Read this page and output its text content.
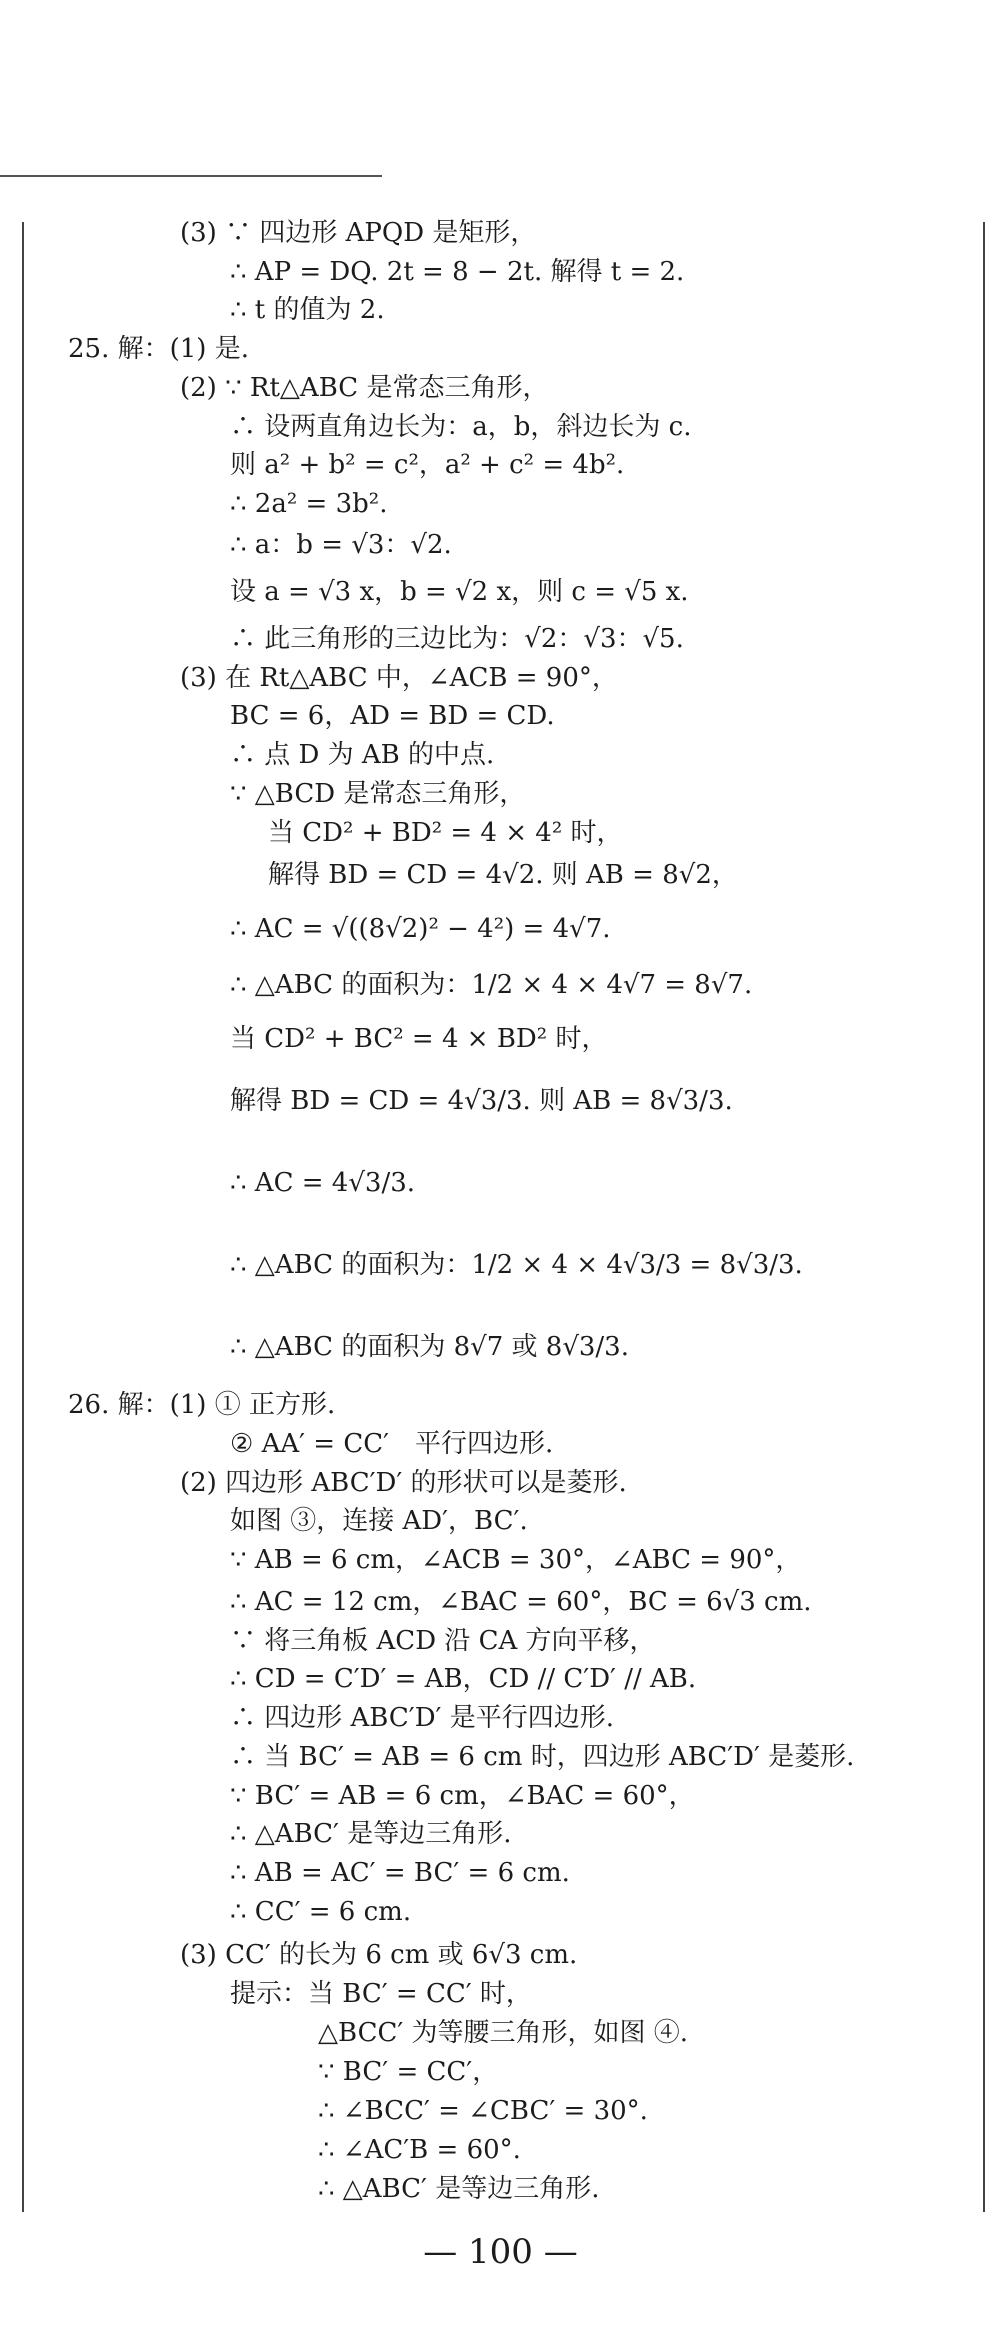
(3) ∵ 四边形 APQD 是矩形，
∴ AP = DQ. 2t = 8 − 2t. 解得 t = 2.
∴ t 的值为 2.
25. 解：(1) 是.
(2) ∵ Rt△ABC 是常态三角形，
∴ 设两直角边长为：a，b，斜边长为 c.
则 a² + b² = c²，a² + c² = 4b².
∴ 2a² = 3b².
∴ a：b = √3：√2.
设 a = √3 x，b = √2 x，则 c = √5 x.
∴ 此三角形的三边比为：√2：√3：√5.
(3) 在 Rt△ABC 中，∠ACB = 90°，
BC = 6，AD = BD = CD.
∴ 点 D 为 AB 的中点.
∵ △BCD 是常态三角形，
当 CD² + BD² = 4 × 4² 时，
解得 BD = CD = 4√2. 则 AB = 8√2，
∴ AC = √((8√2)² − 4²) = 4√7.
∴ △ABC 的面积为：1/2 × 4 × 4√7 = 8√7.
当 CD² + BC² = 4 × BD² 时，
解得 BD = CD = 4√3/3. 则 AB = 8√3/3.
∴ AC = 4√3/3.
∴ △ABC 的面积为：1/2 × 4 × 4√3/3 = 8√3/3.
∴ △ABC 的面积为 8√7 或 8√3/3.
26. 解：(1) ① 正方形.
② AA′ = CC′　平行四边形.
(2) 四边形 ABC′D′ 的形状可以是菱形.
如图 ③，连接 AD′，BC′.
∵ AB = 6 cm，∠ACB = 30°，∠ABC = 90°，
∴ AC = 12 cm，∠BAC = 60°，BC = 6√3 cm.
∵ 将三角板 ACD 沿 CA 方向平移，
∴ CD = C′D′ = AB，CD // C′D′ // AB.
∴ 四边形 ABC′D′ 是平行四边形.
∴ 当 BC′ = AB = 6 cm 时，四边形 ABC′D′ 是菱形.
∵ BC′ = AB = 6 cm，∠BAC = 60°，
∴ △ABC′ 是等边三角形.
∴ AB = AC′ = BC′ = 6 cm.
∴ CC′ = 6 cm.
(3) CC′ 的长为 6 cm 或 6√3 cm.
提示：当 BC′ = CC′ 时，
△BCC′ 为等腰三角形，如图 ④.
∵ BC′ = CC′，
∴ ∠BCC′ = ∠CBC′ = 30°.
∴ ∠AC′B = 60°.
∴ △ABC′ 是等边三角形.
— 100 —
